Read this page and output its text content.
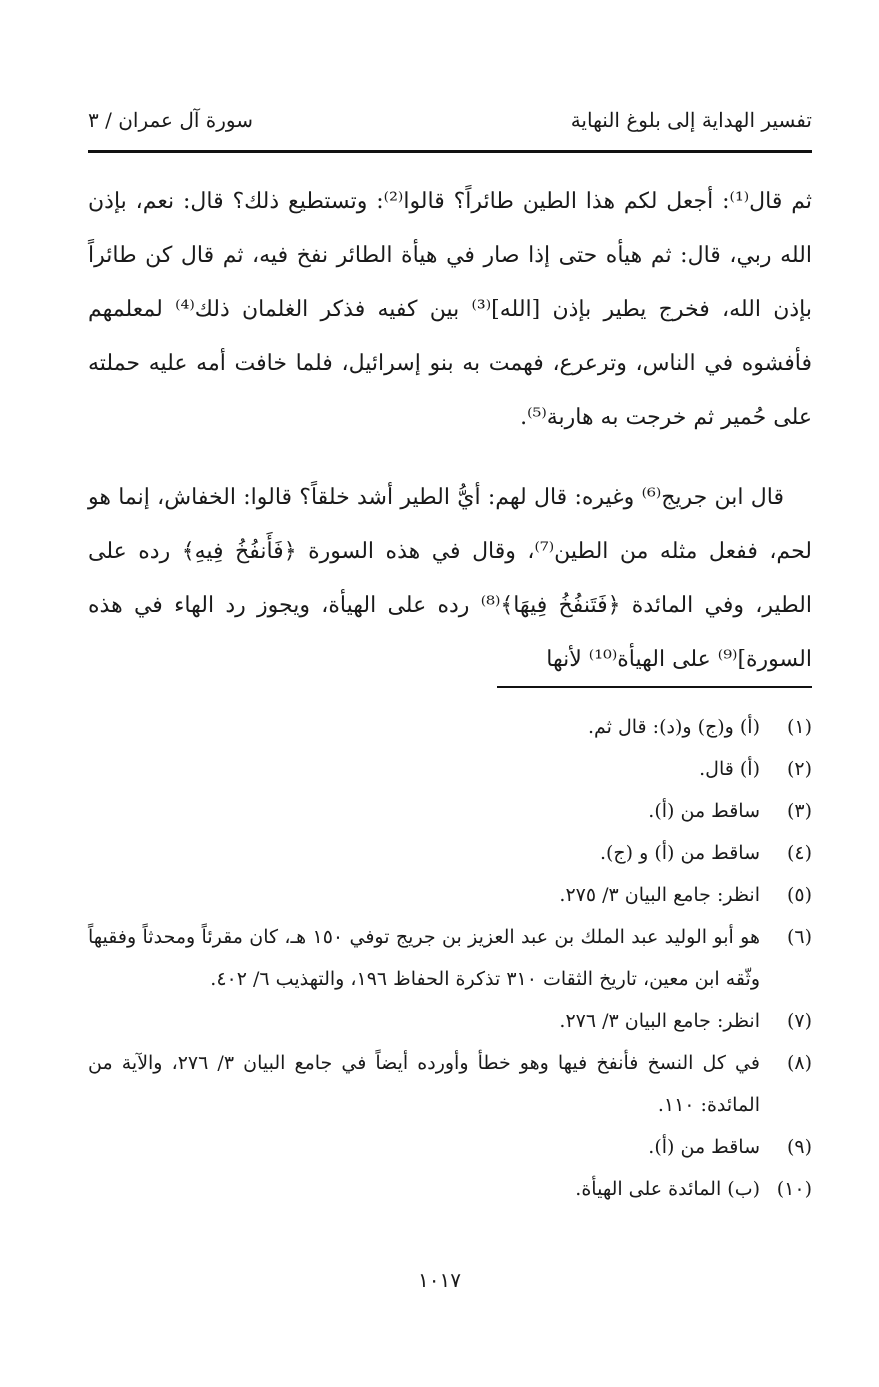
تفسير الهداية إلى بلوغ النهاية
سورة آل عمران / ٣

ثم قال⁽¹⁾: أجعل لكم هذا الطين طائراً؟ قالوا⁽²⁾: وتستطيع ذلك؟ قال: نعم، بإذن الله ربي، قال: ثم هيأه حتى إذا صار في هيأة الطائر نفخ فيه، ثم قال كن طائراً بإذن الله، فخرج يطير بإذن [الله]⁽³⁾ بين كفيه فذكر الغلمان ذلك⁽⁴⁾ لمعلمهم فأفشوه في الناس، وترعرع، فهمت به بنو إسرائيل، فلما خافت أمه عليه حملته على حُمير ثم خرجت به هاربة⁽⁵⁾.

قال ابن جريج⁽⁶⁾ وغيره: قال لهم: أيُّ الطير أشد خلقاً؟ قالوا: الخفاش، إنما هو لحم، ففعل مثله من الطين⁽⁷⁾، وقال في هذه السورة ﴿فَأَنفُخُ فِيهِ﴾ رده على الطير، وفي المائدة ﴿فَتَنفُخُ فِيهَا﴾⁽⁸⁾ رده على الهيأة، ويجوز رد الهاء في هذه السورة]⁽⁹⁾ على الهيأة⁽¹⁰⁾ لأنها

(١)
(أ) و(ج) و(د): قال ثم.
(٢)
(أ) قال.
(٣)
ساقط من (أ).
(٤)
ساقط من (أ) و (ج).
(٥)
انظر: جامع البيان ٣/ ٢٧٥.
(٦)
هو أبو الوليد عبد الملك بن عبد العزيز بن جريج توفي ١٥٠ هـ، كان مقرئاً ومحدثاً وفقيهاً وثّقه ابن معين، تاريخ الثقات ٣١٠ تذكرة الحفاظ ١٩٦، والتهذيب ٦/ ٤٠٢.
(٧)
انظر: جامع البيان ٣/ ٢٧٦.
(٨)
في كل النسخ فأنفخ فيها وهو خطأ وأورده أيضاً في جامع البيان ٣/ ٢٧٦، والآية من المائدة: ١١٠.
(٩)
ساقط من (أ).
(١٠)
(ب) المائدة على الهيأة.
١٠١٧
